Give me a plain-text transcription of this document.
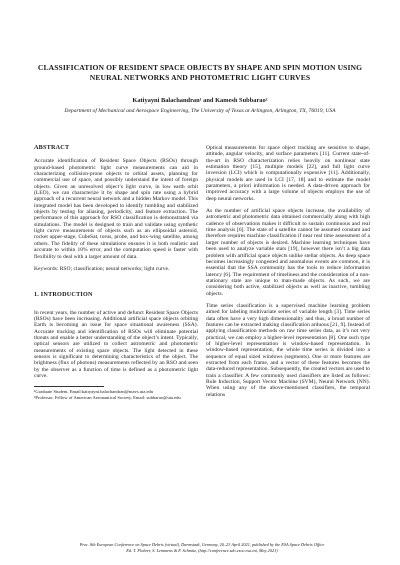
CLASSIFICATION OF RESIDENT SPACE OBJECTS BY SHAPE AND SPIN MOTION USING NEURAL NETWORKS AND PHOTOMETRIC LIGHT CURVES
Katiyayni Balachandran¹ and Kamesh Subbarao²
Department of Mechanical and Aerospace Engineering, The University of Texas at Arlington, Arlington, TX, 76019, USA
ABSTRACT

Accurate identification of Resident Space Objects (RSOs) through ground-based photometric light curve measurements can aid in characterizing collision-prone objects to orbital assets, planning for commercial use of space, and possibly understand the intent of foreign objects. Given an unresolved object’s light curve, in low earth orbit (LEO), we can characterize it by shape and spin rate using a hybrid approach of a recurrent neural network and a hidden Markov model. This integrated model has been developed to identify tumbling and stabilized objects by testing for aliasing, periodicity, and feature extraction. The performance of this approach for RSO classification is demonstrated via simulations. The model is designed to train and validate using synthetic light curve measurements of objects such as an ellipsoidal asteroid, rocket upper-stage, CubeSat, torus, probe, and box-wing satellite, among others. The fidelity of these simulations ensures it is both realistic and accurate to within 10% error, and the computation speed is faster with flexibility to deal with a larger amount of data.

Keywords: RSO; classification; neural networks; light curve.

1. INTRODUCTION

In recent years, the number of active and defunct Resident Space Objects (RSOs) have been increasing. Additional artificial space objects orbiting Earth is becoming an issue for space situational awareness (SSA). Accurate tracking and identification of RSOs will eliminate potential threats and enable a better understanding of the object’s intent. Typically, optical sensors are utilized to collect astrometric and photometric measurements of existing space objects. The light detected in these sensors is significant to determining characteristics of the object. The brightness (flux of photons) measurements reflected by an RSO and seen by the observer as a function of time is defined as a photometric light curve.

¹Graduate Student, Email:katiyayni.balachandran@mavs.uta.edu

²Professor, Fellow of American Aeronautical Society, Email: subbarao@uta.edu

Optical measurements for space object tracking are sensitive to shape, attitude, angular velocity, and surface parameters [11]. Current state-of-the-art in RSO characterization relies heavily on nonlinear state estimation theory [15], multiple models [22], and full light curve inversion (LCI) which is computationally expensive [11]. Additionally, physical models are used in LCI [17, 18] and to estimate the model parameters, a priori information is needed. A data-driven approach for improved accuracy with a large volume of objects employs the use of deep neural networks.

As the number of artificial space objects increase, the availability of astrometric and photometric data obtained commercially along with high cadence of observations makes it difficult to sustain continuous and real time analysis [6]. The state of a satellite cannot be assumed constant and therefore requires machine classification if near real time assessment of a larger number of objects is desired. Machine learning techniques have been used to analyze variable stars [19], however there isn’t a big data problem with artificial space objects unlike stellar objects. As deep space becomes increasingly congested and anomalous events are common, it is essential that the SSA community has the tools to reduce information latency [6]. The requirement of timeliness and the consideration of a non-stationary state are unique to man-made objects. As such, we are considering both active, stabilized objects as well as inactive, tumbling objects.

Time series classification is a supervised machine learning problem aimed for labeling multivariate series of variable length [3]. Time series data often have a very high dimensionality and thus, a broad number of features can be extracted making classification arduous [21, 9]. Instead of applying classification methods on raw time series data, as it’s not very practical, we can employ a higher-level representation [8]. One such type of higher-level representation is window-based representation. In window-based representation, the whole time series is divided into a sequence of equal sized windows (segments). One or more features are extracted from each frame, and a vector of these features becomes the data-reduced representation. Subsequently, the created vectors are used to train a classifier. A few commonly used classifiers are listed as follows: Rule Induction, Support Vector Machine (SVM), Neural Network (NN). When using any of the above-mentioned classifiers, the temporal relations

Proc. 8th European Conference on Space Debris (virtual), Darmstadt, Germany, 20–23 April 2021, published by the ESA Space Debris Office
Ed. T. Flohrer, S. Lemmens & F. Schmitz, (http://conference.sdo.esoc.esa.int, May 2021)
